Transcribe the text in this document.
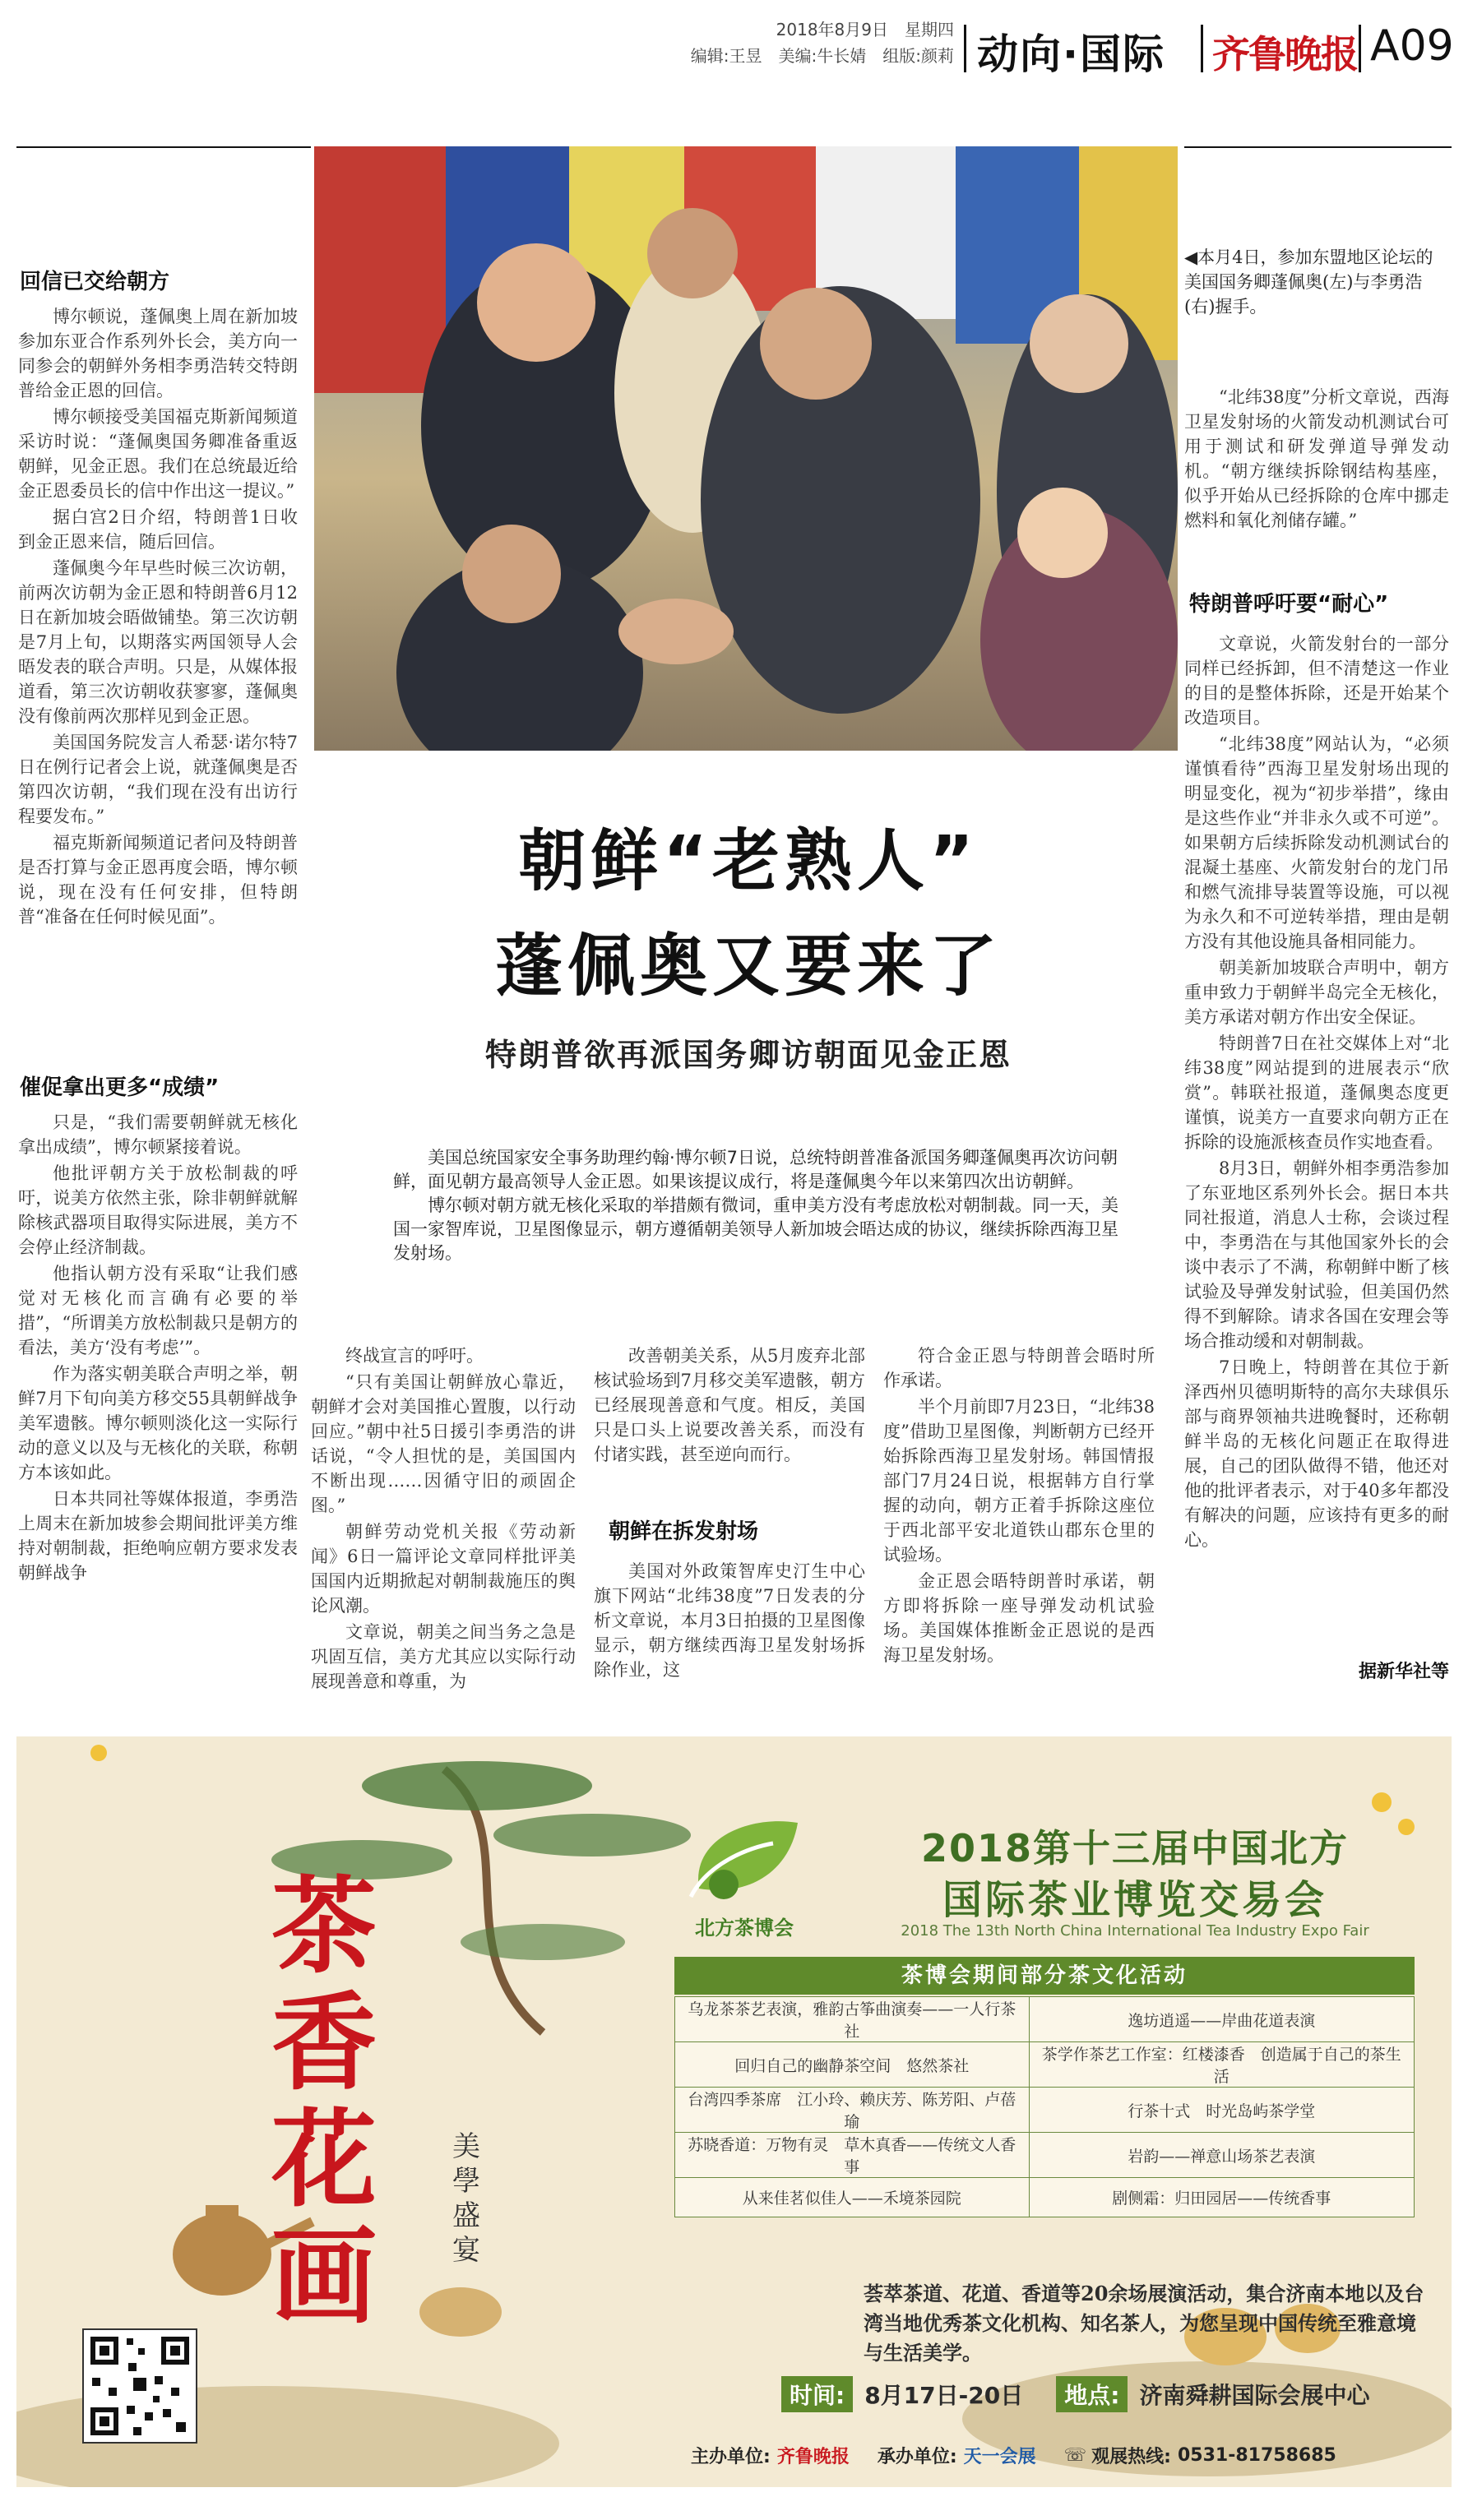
2018年8月9日　 星期四
编辑:王昱　美编:牛长婧　组版:颜莉 动向·国际 齐鲁晚报 A09
回信已交给朝方

博尔顿说，蓬佩奥上周在新加坡参加东亚合作系列外长会，美方向一同参会的朝鲜外务相李勇浩转交特朗普给金正恩的回信。

博尔顿接受美国福克斯新闻频道采访时说：“蓬佩奥国务卿准备重返朝鲜，见金正恩。我们在总统最近给金正恩委员长的信中作出这一提议。”

据白宫2日介绍，特朗普1日收到金正恩来信，随后回信。

蓬佩奥今年早些时候三次访朝，前两次访朝为金正恩和特朗普6月12日在新加坡会晤做铺垫。第三次访朝是7月上旬，以期落实两国领导人会晤发表的联合声明。只是，从媒体报道看，第三次访朝收获寥寥，蓬佩奥没有像前两次那样见到金正恩。

美国国务院发言人希瑟·诺尔特7日在例行记者会上说，就蓬佩奥是否第四次访朝，“我们现在没有出访行程要发布。”

福克斯新闻频道记者问及特朗普是否打算与金正恩再度会晤，博尔顿说，现在没有任何安排，但特朗普“准备在任何时候见面”。

催促拿出更多“成绩”

只是，“我们需要朝鲜就无核化拿出成绩”，博尔顿紧接着说。

他批评朝方关于放松制裁的呼吁，说美方依然主张，除非朝鲜就解除核武器项目取得实际进展，美方不会停止经济制裁。

他指认朝方没有采取“让我们感觉对无核化而言确有必要的举措”，“所谓美方放松制裁只是朝方的看法，美方‘没有考虑’”。

作为落实朝美联合声明之举，朝鲜7月下旬向美方移交55具朝鲜战争美军遗骸。博尔顿则淡化这一实际行动的意义以及与无核化的关联，称朝方本该如此。

日本共同社等媒体报道，李勇浩上周末在新加坡参会期间批评美方维持对朝制裁，拒绝响应朝方要求发表朝鲜战争

◀本月4日，参加东盟地区论坛的美国国务卿蓬佩奥(左)与李勇浩(右)握手。

“北纬38度”分析文章说，西海卫星发射场的火箭发动机测试台可用于测试和研发弹道导弹发动机。“朝方继续拆除钢结构基座，似乎开始从已经拆除的仓库中挪走燃料和氧化剂储存罐。”

特朗普呼吁要“耐心”

文章说，火箭发射台的一部分同样已经拆卸，但不清楚这一作业的目的是整体拆除，还是开始某个改造项目。

“北纬38度”网站认为，“必须谨慎看待”西海卫星发射场出现的明显变化，视为“初步举措”，缘由是这些作业“并非永久或不可逆”。如果朝方后续拆除发动机测试台的混凝土基座、火箭发射台的龙门吊和燃气流排导装置等设施，可以视为永久和不可逆转举措，理由是朝方没有其他设施具备相同能力。

朝美新加坡联合声明中，朝方重申致力于朝鲜半岛完全无核化，美方承诺对朝方作出安全保证。

特朗普7日在社交媒体上对“北纬38度”网站提到的进展表示“欣赏”。韩联社报道，蓬佩奥态度更谨慎，说美方一直要求向朝方正在拆除的设施派核查员作实地查看。

8月3日，朝鲜外相李勇浩参加了东亚地区系列外长会。据日本共同社报道，消息人士称，会谈过程中，李勇浩在与其他国家外长的会谈中表示了不满，称朝鲜中断了核试验及导弹发射试验，但美国仍然得不到解除。请求各国在安理会等场合推动缓和对朝制裁。

7日晚上，特朗普在其位于新泽西州贝德明斯特的高尔夫球俱乐部与商界领袖共进晚餐时，还称朝鲜半岛的无核化问题正在取得进展，自己的团队做得不错，他还对他的批评者表示，对于40多年都没有解决的问题，应该持有更多的耐心。

据新华社等
朝鲜“老熟人”
蓬佩奥又要来了
特朗普欲再派国务卿访朝面见金正恩

美国总统国家安全事务助理约翰·博尔顿7日说，总统特朗普准备派国务卿蓬佩奥再次访问朝鲜，面见朝方最高领导人金正恩。如果该提议成行，将是蓬佩奥今年以来第四次出访朝鲜。

博尔顿对朝方就无核化采取的举措颇有微词，重申美方没有考虑放松对朝制裁。同一天，美国一家智库说，卫星图像显示，朝方遵循朝美领导人新加坡会晤达成的协议，继续拆除西海卫星发射场。

终战宣言的呼吁。

“只有美国让朝鲜放心靠近，朝鲜才会对美国推心置腹，以行动回应。”朝中社5日援引李勇浩的讲话说，“令人担忧的是，美国国内不断出现……因循守旧的顽固企图。”

朝鲜劳动党机关报《劳动新闻》6日一篇评论文章同样批评美国国内近期掀起对朝制裁施压的舆论风潮。

文章说，朝美之间当务之急是巩固互信，美方尤其应以实际行动展现善意和尊重，为

改善朝美关系，从5月废弃北部核试验场到7月移交美军遗骸，朝方已经展现善意和气度。相反，美国只是口头上说要改善关系，而没有付诸实践，甚至逆向而行。

朝鲜在拆发射场

美国对外政策智库史汀生中心旗下网站“北纬38度”7日发表的分析文章说，本月3日拍摄的卫星图像显示，朝方继续西海卫星发射场拆除作业，这

符合金正恩与特朗普会晤时所作承诺。

半个月前即7月23日，“北纬38度”借助卫星图像，判断朝方已经开始拆除西海卫星发射场。韩国情报部门7月24日说，根据韩方自行掌握的动向，朝方正着手拆除这座位于西北部平安北道铁山郡东仓里的试验场。

金正恩会晤特朗普时承诺，朝方即将拆除一座导弹发动机试验场。美国媒体推断金正恩说的是西海卫星发射场。

茶香花画
美學盛宴
北方茶博会
2018第十三届中国北方
国际茶业博览交易会
2018 The 13th North China International Tea Industry Expo Fair
茶博会期间部分茶文化活动
乌龙茶茶艺表演，雅韵古筝曲演奏——一人行茶社	逸坊逍遥——岸曲花道表演
回归自己的幽静茶空间　悠然茶社	茶学作茶艺工作室：红楼漆香　创造属于自己的茶生活
台湾四季茶席　江小玲、赖庆芳、陈芳阳、卢蓓瑜	行茶十式　时光岛屿茶学堂
苏晓香道：万物有灵　草木真香——传统文人香事	岩韵——禅意山场茶艺表演
从来佳茗似佳人——禾境茶园院	剧侧霜：归田园居——传统香事
荟萃茶道、花道、香道等20余场展演活动，集合济南本地以及台湾当地优秀茶文化机构、知名茶人，为您呈现中国传统至雅意境与生活美学。
时间: 8月17日-20日	地点: 济南舜耕国际会展中心
主办单位: 齐鲁晚报 承办单位: 天一会展 ☏ 观展热线: 0531-81758685
